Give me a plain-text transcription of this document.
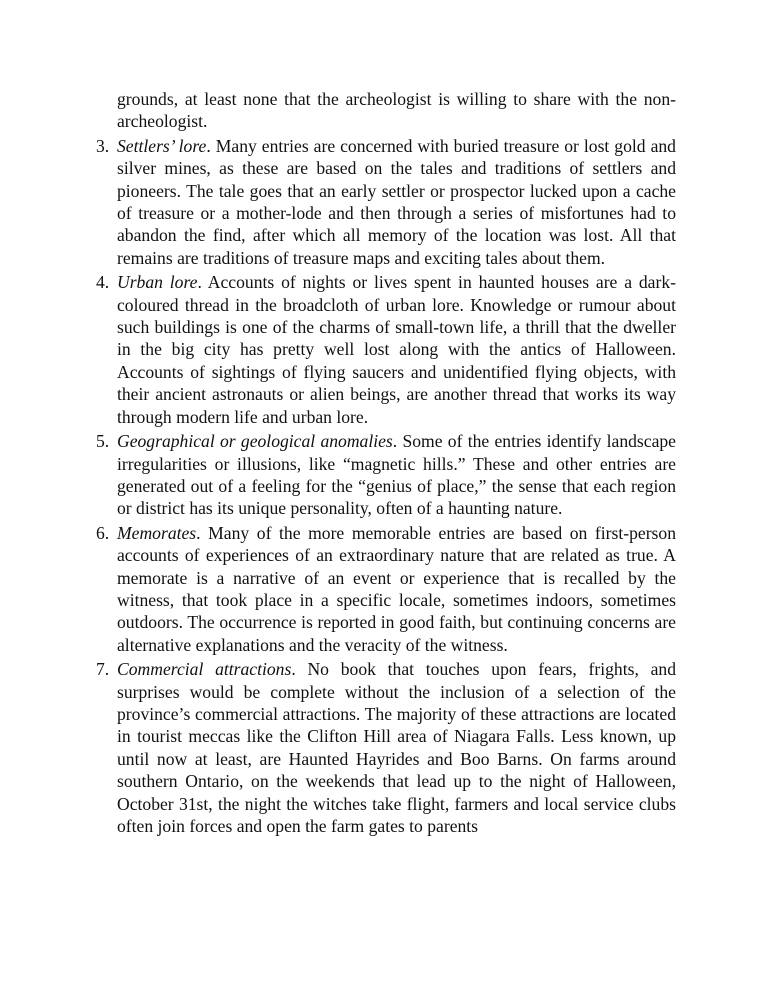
grounds, at least none that the archeologist is willing to share with the non-archeologist.

3. Settlers’ lore. Many entries are concerned with buried treasure or lost gold and silver mines, as these are based on the tales and traditions of settlers and pioneers. The tale goes that an early settler or prospector lucked upon a cache of treasure or a mother-lode and then through a series of misfortunes had to abandon the find, after which all memory of the location was lost. All that remains are traditions of treasure maps and exciting tales about them.
4. Urban lore. Accounts of nights or lives spent in haunted houses are a dark-coloured thread in the broadcloth of urban lore. Knowledge or rumour about such buildings is one of the charms of small-town life, a thrill that the dweller in the big city has pretty well lost along with the antics of Halloween. Accounts of sightings of flying saucers and unidentified flying objects, with their ancient astronauts or alien beings, are another thread that works its way through modern life and urban lore.
5. Geographical or geological anomalies. Some of the entries identify landscape irregularities or illusions, like “magnetic hills.” These and other entries are generated out of a feeling for the “genius of place,” the sense that each region or district has its unique personality, often of a haunting nature.
6. Memorates. Many of the more memorable entries are based on first-person accounts of experiences of an extraordinary nature that are related as true. A memorate is a narrative of an event or experience that is recalled by the witness, that took place in a specific locale, sometimes indoors, sometimes outdoors. The occurrence is reported in good faith, but continuing concerns are alternative explanations and the veracity of the witness.
7. Commercial attractions. No book that touches upon fears, frights, and surprises would be complete without the inclusion of a selection of the province’s commercial attractions. The majority of these attractions are located in tourist meccas like the Clifton Hill area of Niagara Falls. Less known, up until now at least, are Haunted Hayrides and Boo Barns. On farms around southern Ontario, on the weekends that lead up to the night of Halloween, October 31st, the night the witches take flight, farmers and local service clubs often join forces and open the farm gates to parents
